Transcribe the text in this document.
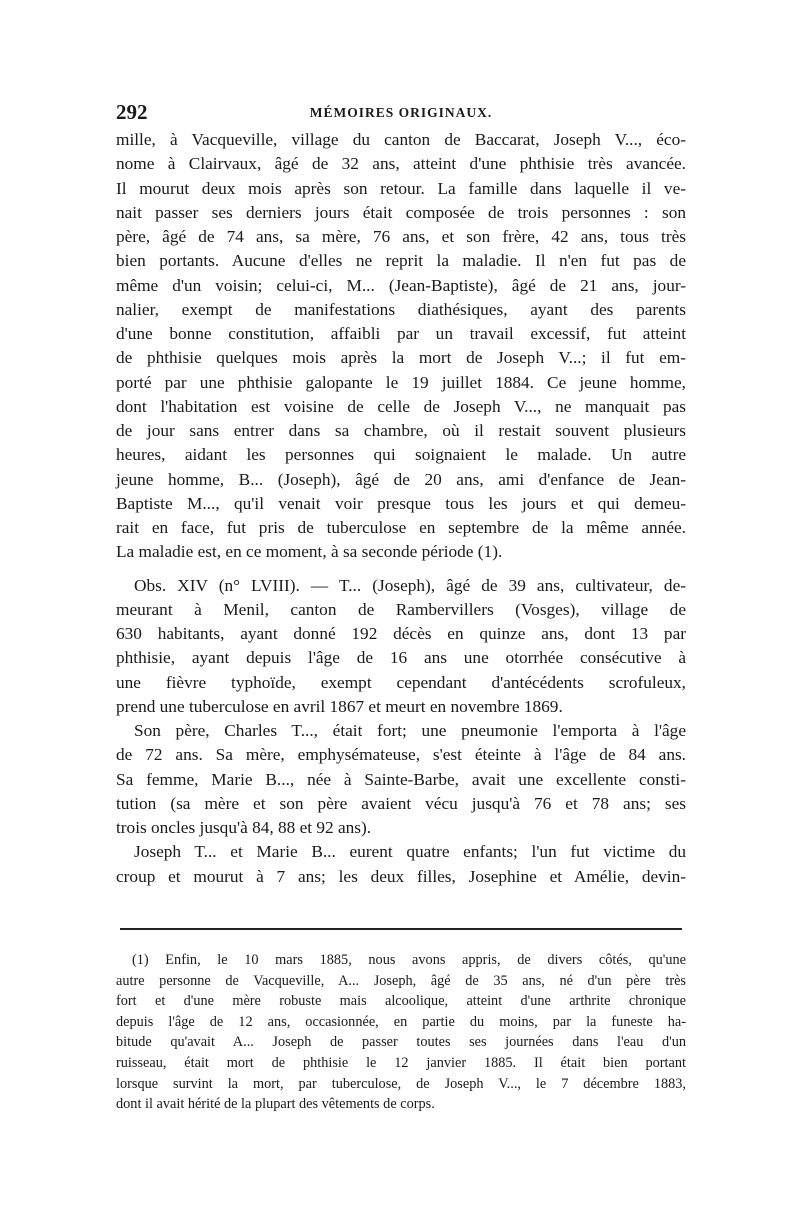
292	MÉMOIRES ORIGINAUX.
mille, à Vacqueville, village du canton de Baccarat, Joseph V..., éco-
nome à Clairvaux, âgé de 32 ans, atteint d'une phthisie très avancée.
Il mourut deux mois après son retour. La famille dans laquelle il ve-
nait passer ses derniers jours était composée de trois personnes : son
père, âgé de 74 ans, sa mère, 76 ans, et son frère, 42 ans, tous très
bien portants. Aucune d'elles ne reprit la maladie. Il n'en fut pas de
même d'un voisin; celui-ci, M... (Jean-Baptiste), âgé de 21 ans, jour-
nalier, exempt de manifestations diathésiques, ayant des parents
d'une bonne constitution, affaibli par un travail excessif, fut atteint
de phthisie quelques mois après la mort de Joseph V...; il fut em-
porté par une phthisie galopante le 19 juillet 1884. Ce jeune homme,
dont l'habitation est voisine de celle de Joseph V..., ne manquait pas
de jour sans entrer dans sa chambre, où il restait souvent plusieurs
heures, aidant les personnes qui soignaient le malade. Un autre
jeune homme, B... (Joseph), âgé de 20 ans, ami d'enfance de Jean-
Baptiste M..., qu'il venait voir presque tous les jours et qui demeu-
rait en face, fut pris de tuberculose en septembre de la même année.
La maladie est, en ce moment, à sa seconde période (1).
Obs. XIV (n° LVIII). — T... (Joseph), âgé de 39 ans, cultivateur, de-
meurant à Menil, canton de Rambervillers (Vosges), village de
630 habitants, ayant donné 192 décès en quinze ans, dont 13 par
phthisie, ayant depuis l'âge de 16 ans une otorrhée consécutive à
une fièvre typhoïde, exempt cependant d'antécédents scrofuleux,
prend une tuberculose en avril 1867 et meurt en novembre 1869.
Son père, Charles T..., était fort; une pneumonie l'emporta à l'âge
de 72 ans. Sa mère, emphysémateuse, s'est éteinte à l'âge de 84 ans.
Sa femme, Marie B..., née à Sainte-Barbe, avait une excellente consti-
tution (sa mère et son père avaient vécu jusqu'à 76 et 78 ans; ses
trois oncles jusqu'à 84, 88 et 92 ans).
Joseph T... et Marie B... eurent quatre enfants; l'un fut victime du
croup et mourut à 7 ans; les deux filles, Josephine et Amélie, devin-
(1) Enfin, le 10 mars 1885, nous avons appris, de divers côtés, qu'une
autre personne de Vacqueville, A... Joseph, âgé de 35 ans, né d'un père très
fort et d'une mère robuste mais alcoolique, atteint d'une arthrite chronique
depuis l'âge de 12 ans, occasionnée, en partie du moins, par la funeste ha-
bitude qu'avait A... Joseph de passer toutes ses journées dans l'eau d'un
ruisseau, était mort de phthisie le 12 janvier 1885. Il était bien portant
lorsque survint la mort, par tuberculose, de Joseph V..., le 7 décembre 1883,
dont il avait hérité de la plupart des vêtements de corps.
